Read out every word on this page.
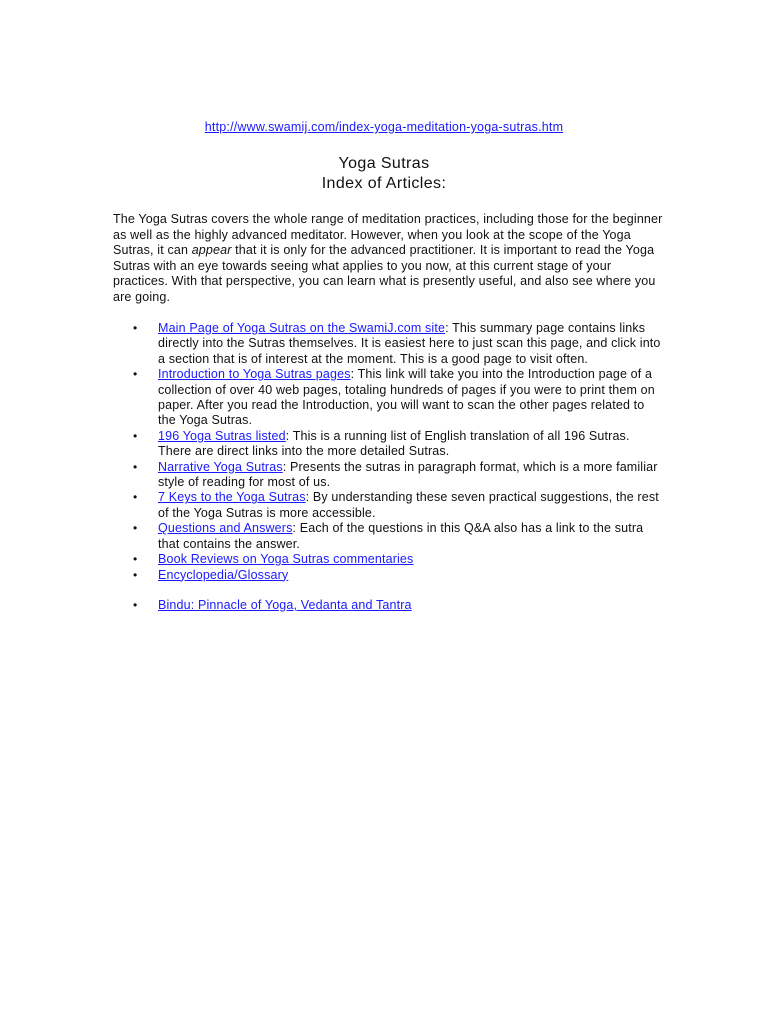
http://www.swamij.com/index-yoga-meditation-yoga-sutras.htm
Yoga Sutras
Index of Articles:

The Yoga Sutras covers the whole range of meditation practices, including those for the beginner as well as the highly advanced meditator. However, when you look at the scope of the Yoga Sutras, it can appear that it is only for the advanced practitioner. It is important to read the Yoga Sutras with an eye towards seeing what applies to you now, at this current stage of your practices. With that perspective, you can learn what is presently useful, and also see where you are going.

• Main Page of Yoga Sutras on the SwamiJ.com site: This summary page contains links directly into the Sutras themselves. It is easiest here to just scan this page, and click into a section that is of interest at the moment. This is a good page to visit often.
• Introduction to Yoga Sutras pages: This link will take you into the Introduction page of a collection of over 40 web pages, totaling hundreds of pages if you were to print them on paper. After you read the Introduction, you will want to scan the other pages related to the Yoga Sutras.
• 196 Yoga Sutras listed: This is a running list of English translation of all 196 Sutras. There are direct links into the more detailed Sutras.
• Narrative Yoga Sutras: Presents the sutras in paragraph format, which is a more familiar style of reading for most of us.
• 7 Keys to the Yoga Sutras: By understanding these seven practical suggestions, the rest of the Yoga Sutras is more accessible.
• Questions and Answers: Each of the questions in this Q&A also has a link to the sutra that contains the answer.
• Book Reviews on Yoga Sutras commentaries
• Encyclopedia/Glossary
• Bindu: Pinnacle of Yoga, Vedanta and Tantra
